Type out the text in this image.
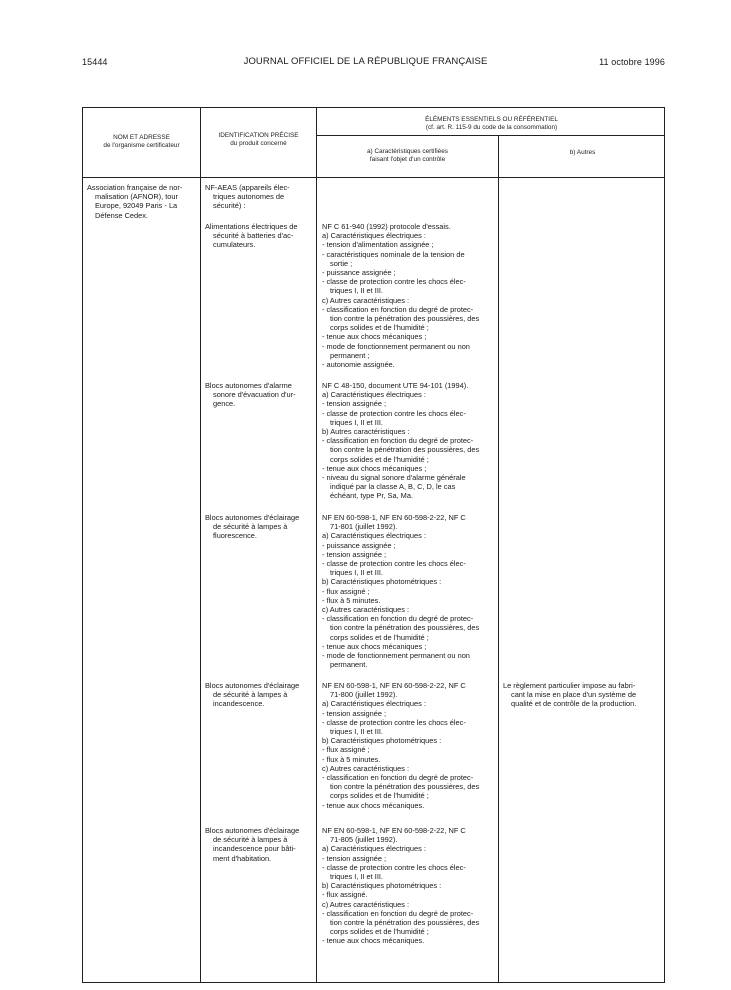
15444	JOURNAL OFFICIEL DE LA RÉPUBLIQUE FRANÇAISE	11 octobre 1996
NOM ET ADRESSE
de l'organisme certificateur
IDENTIFICATION PRÉCISE
du produit concerné
ÉLÉMENTS ESSENTIELS OU RÉFÉRENTIEL
(cf. art. R. 115-9 du code de la consommation)
a) Caractéristiques certifiées
faisant l'objet d'un contrôle
b) Autres

Association française de nor-

malisation (AFNOR), tour

Europe, 92049 Paris - La

Défense Cedex.

NF-AEAS (appareils élec-

triques autonomes de

sécurité) :

Alimentations électriques de

sécurité à batteries d'ac-

cumulateurs.

NF C 61-940 (1992) protocole d'essais.

a) Caractéristiques électriques :

- tension d'alimentation assignée ;

- caractéristiques nominale de la tension de

sortie ;

- puissance assignée ;

- classe de protection contre les chocs élec-

triques I, II et III.

c) Autres caractéristiques :

- classification en fonction du degré de protec-

tion contre la pénétration des poussières, des

corps solides et de l'humidité ;

- tenue aux chocs mécaniques ;

- mode de fonctionnement permanent ou non

permanent ;

- autonomie assignée.

Blocs autonomes d'alarme

sonore d'évacuation d'ur-

gence.

NF C 48-150, document UTE 94-101 (1994).

a) Caractéristiques électriques :

- tension assignée ;

- classe de protection contre les chocs élec-

triques I, II et III.

b) Autres caractéristiques :

- classification en fonction du degré de protec-

tion contre la pénétration des poussières, des

corps solides et de l'humidité ;

- tenue aux chocs mécaniques ;

- niveau du signal sonore d'alarme générale

indiqué par la classe A, B, C, D, le cas

échéant, type Pr, Sa, Ma.

Blocs autonomes d'éclairage

de sécurité à lampes à

fluorescence.

NF EN 60-598-1, NF EN 60-598-2-22, NF C

71-801 (juillet 1992).

a) Caractéristiques électriques :

- puissance assignée ;

- tension assignée ;

- classe de protection contre les chocs élec-

triques I, II et III.

b) Caractéristiques photométriques :

- flux assigné ;

- flux à 5 minutes.

c) Autres caractéristiques :

- classification en fonction du degré de protec-

tion contre la pénétration des poussières, des

corps solides et de l'humidité ;

- tenue aux chocs mécaniques ;

- mode de fonctionnement permanent ou non

permanent.

Blocs autonomes d'éclairage

de sécurité à lampes à

incandescence.

NF EN 60-598-1, NF EN 60-598-2-22, NF C

71-800 (juillet 1992).

a) Caractéristiques électriques :

- tension assignée ;

- classe de protection contre les chocs élec-

triques I, II et III.

b) Caractéristiques photométriques :

- flux assigné ;

- flux à 5 minutes.

c) Autres caractéristiques :

- classification en fonction du degré de protec-

tion contre la pénétration des poussières, des

corps solides et de l'humidité ;

- tenue aux chocs mécaniques.

Le règlement particulier impose au fabri-

cant la mise en place d'un système de

qualité et de contrôle de la production.

Blocs autonomes d'éclairage

de sécurité à lampes à

incandescence pour bâti-

ment d'habitation.

NF EN 60-598-1, NF EN 60-598-2-22, NF C

71-805 (juillet 1992).

a) Caractéristiques électriques :

- tension assignée ;

- classe de protection contre les chocs élec-

triques I, II et III.

b) Caractéristiques photométriques :

- flux assigné.

c) Autres caractéristiques :

- classification en fonction du degré de protec-

tion contre la pénétration des poussières, des

corps solides et de l'humidité ;

- tenue aux chocs mécaniques.
